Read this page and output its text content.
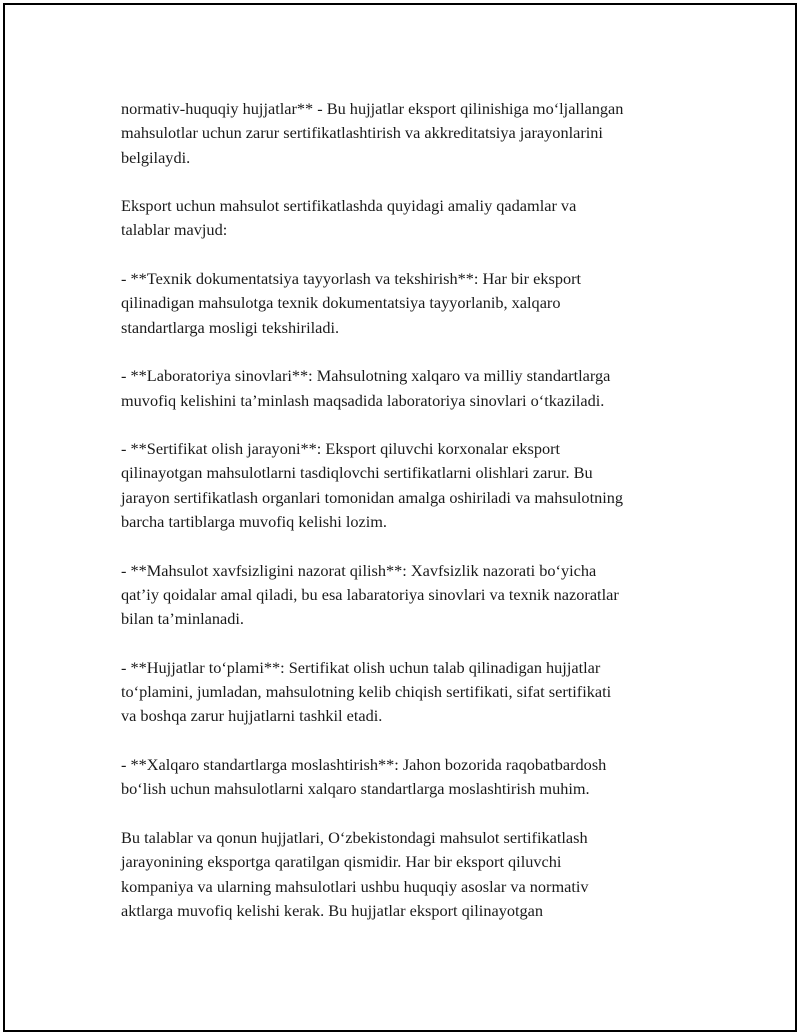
normativ-huquqiy hujjatlar** - Bu hujjatlar eksport qilinishiga mo‘ljallangan
mahsulotlar uchun zarur sertifikatlashtirish va akkreditatsiya jarayonlarini
belgilaydi.

Eksport uchun mahsulot sertifikatlashda quyidagi amaliy qadamlar va
talablar mavjud:

- **Texnik dokumentatsiya tayyorlash va tekshirish**: Har bir eksport
qilinadigan mahsulotga texnik dokumentatsiya tayyorlanib, xalqaro
standartlarga mosligi tekshiriladi.

- **Laboratoriya sinovlari**: Mahsulotning xalqaro va milliy standartlarga
muvofiq kelishini ta’minlash maqsadida laboratoriya sinovlari o‘tkaziladi.

- **Sertifikat olish jarayoni**: Eksport qiluvchi korxonalar eksport
qilinayotgan mahsulotlarni tasdiqlovchi sertifikatlarni olishlari zarur. Bu
jarayon sertifikatlash organlari tomonidan amalga oshiriladi va mahsulotning
barcha tartiblarga muvofiq kelishi lozim.

- **Mahsulot xavfsizligini nazorat qilish**: Xavfsizlik nazorati bo‘yicha
qat’iy qoidalar amal qiladi, bu esa labaratoriya sinovlari va texnik nazoratlar
bilan ta’minlanadi.

- **Hujjatlar to‘plami**: Sertifikat olish uchun talab qilinadigan hujjatlar
to‘plamini, jumladan, mahsulotning kelib chiqish sertifikati, sifat sertifikati
va boshqa zarur hujjatlarni tashkil etadi.

- **Xalqaro standartlarga moslashtirish**: Jahon bozorida raqobatbardosh
bo‘lish uchun mahsulotlarni xalqaro standartlarga moslashtirish muhim.

Bu talablar va qonun hujjatlari, O‘zbekistondagi mahsulot sertifikatlash
jarayonining eksportga qaratilgan qismidir. Har bir eksport qiluvchi
kompaniya va ularning mahsulotlari ushbu huquqiy asoslar va normativ
aktlarga muvofiq kelishi kerak. Bu hujjatlar eksport qilinayotgan
